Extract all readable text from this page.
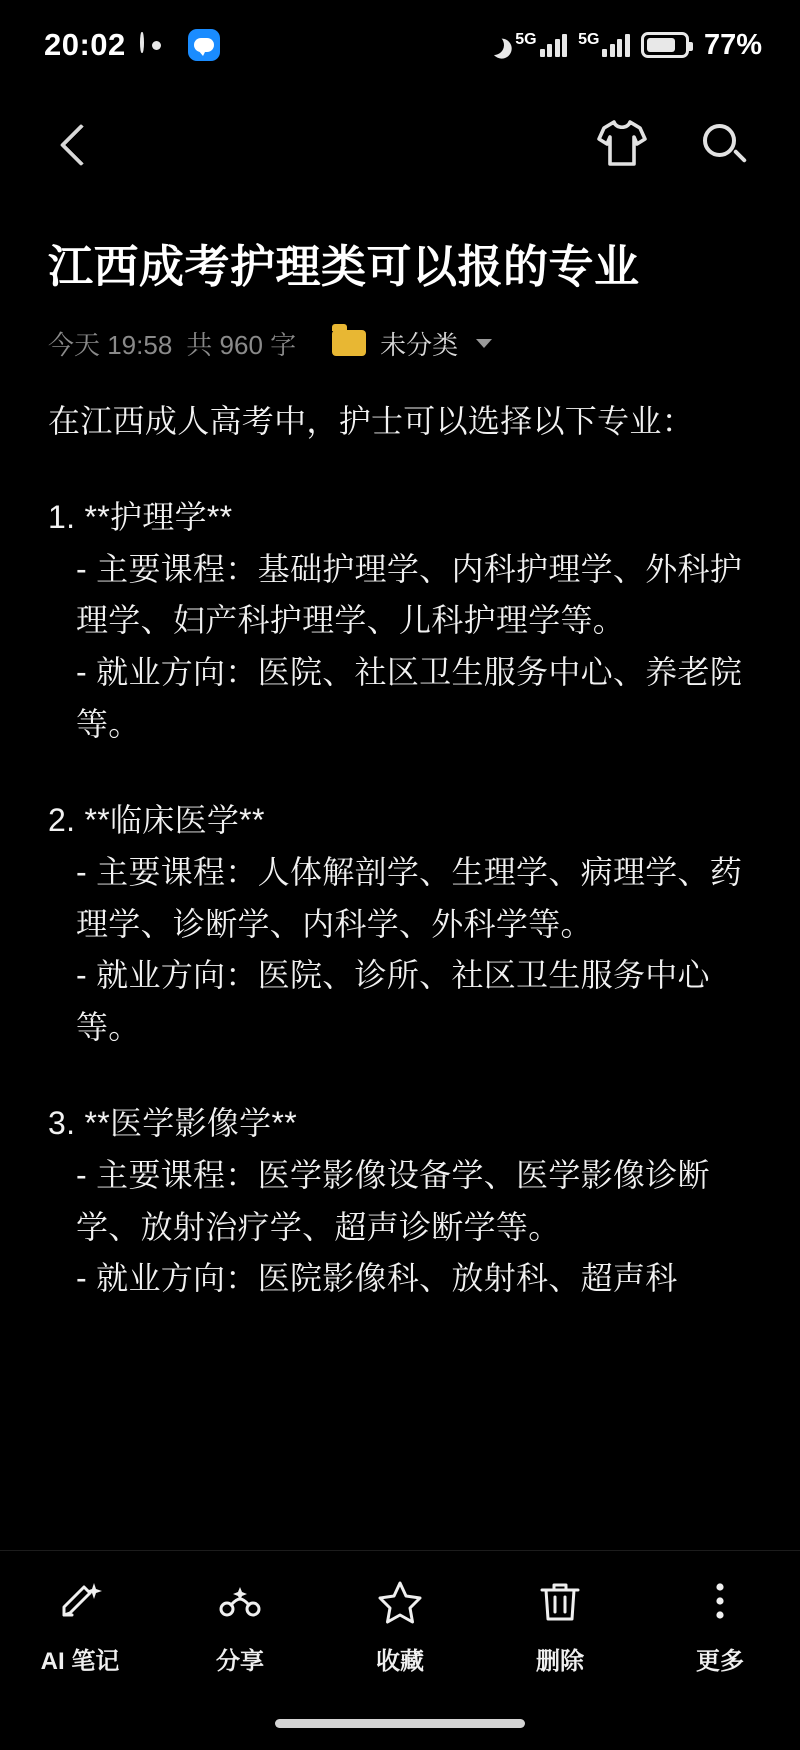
20:02	5G	5G	77%
江西成考护理类可以报的专业
今天 19:58 共 960 字	未分类
在江西成人高考中，护士可以选择以下专业：
1. **护理学**
- 主要课程：基础护理学、内科护理学、外科护理学、妇产科护理学、儿科护理学等。
- 就业方向：医院、社区卫生服务中心、养老院等。
2. **临床医学**
- 主要课程：人体解剖学、生理学、病理学、药理学、诊断学、内科学、外科学等。
- 就业方向：医院、诊所、社区卫生服务中心等。
3. **医学影像学**
- 主要课程：医学影像设备学、医学影像诊断学、放射治疗学、超声诊断学等。
- 就业方向：医院影像科、放射科、超声科
AI 笔记	分享	收藏	删除	更多
